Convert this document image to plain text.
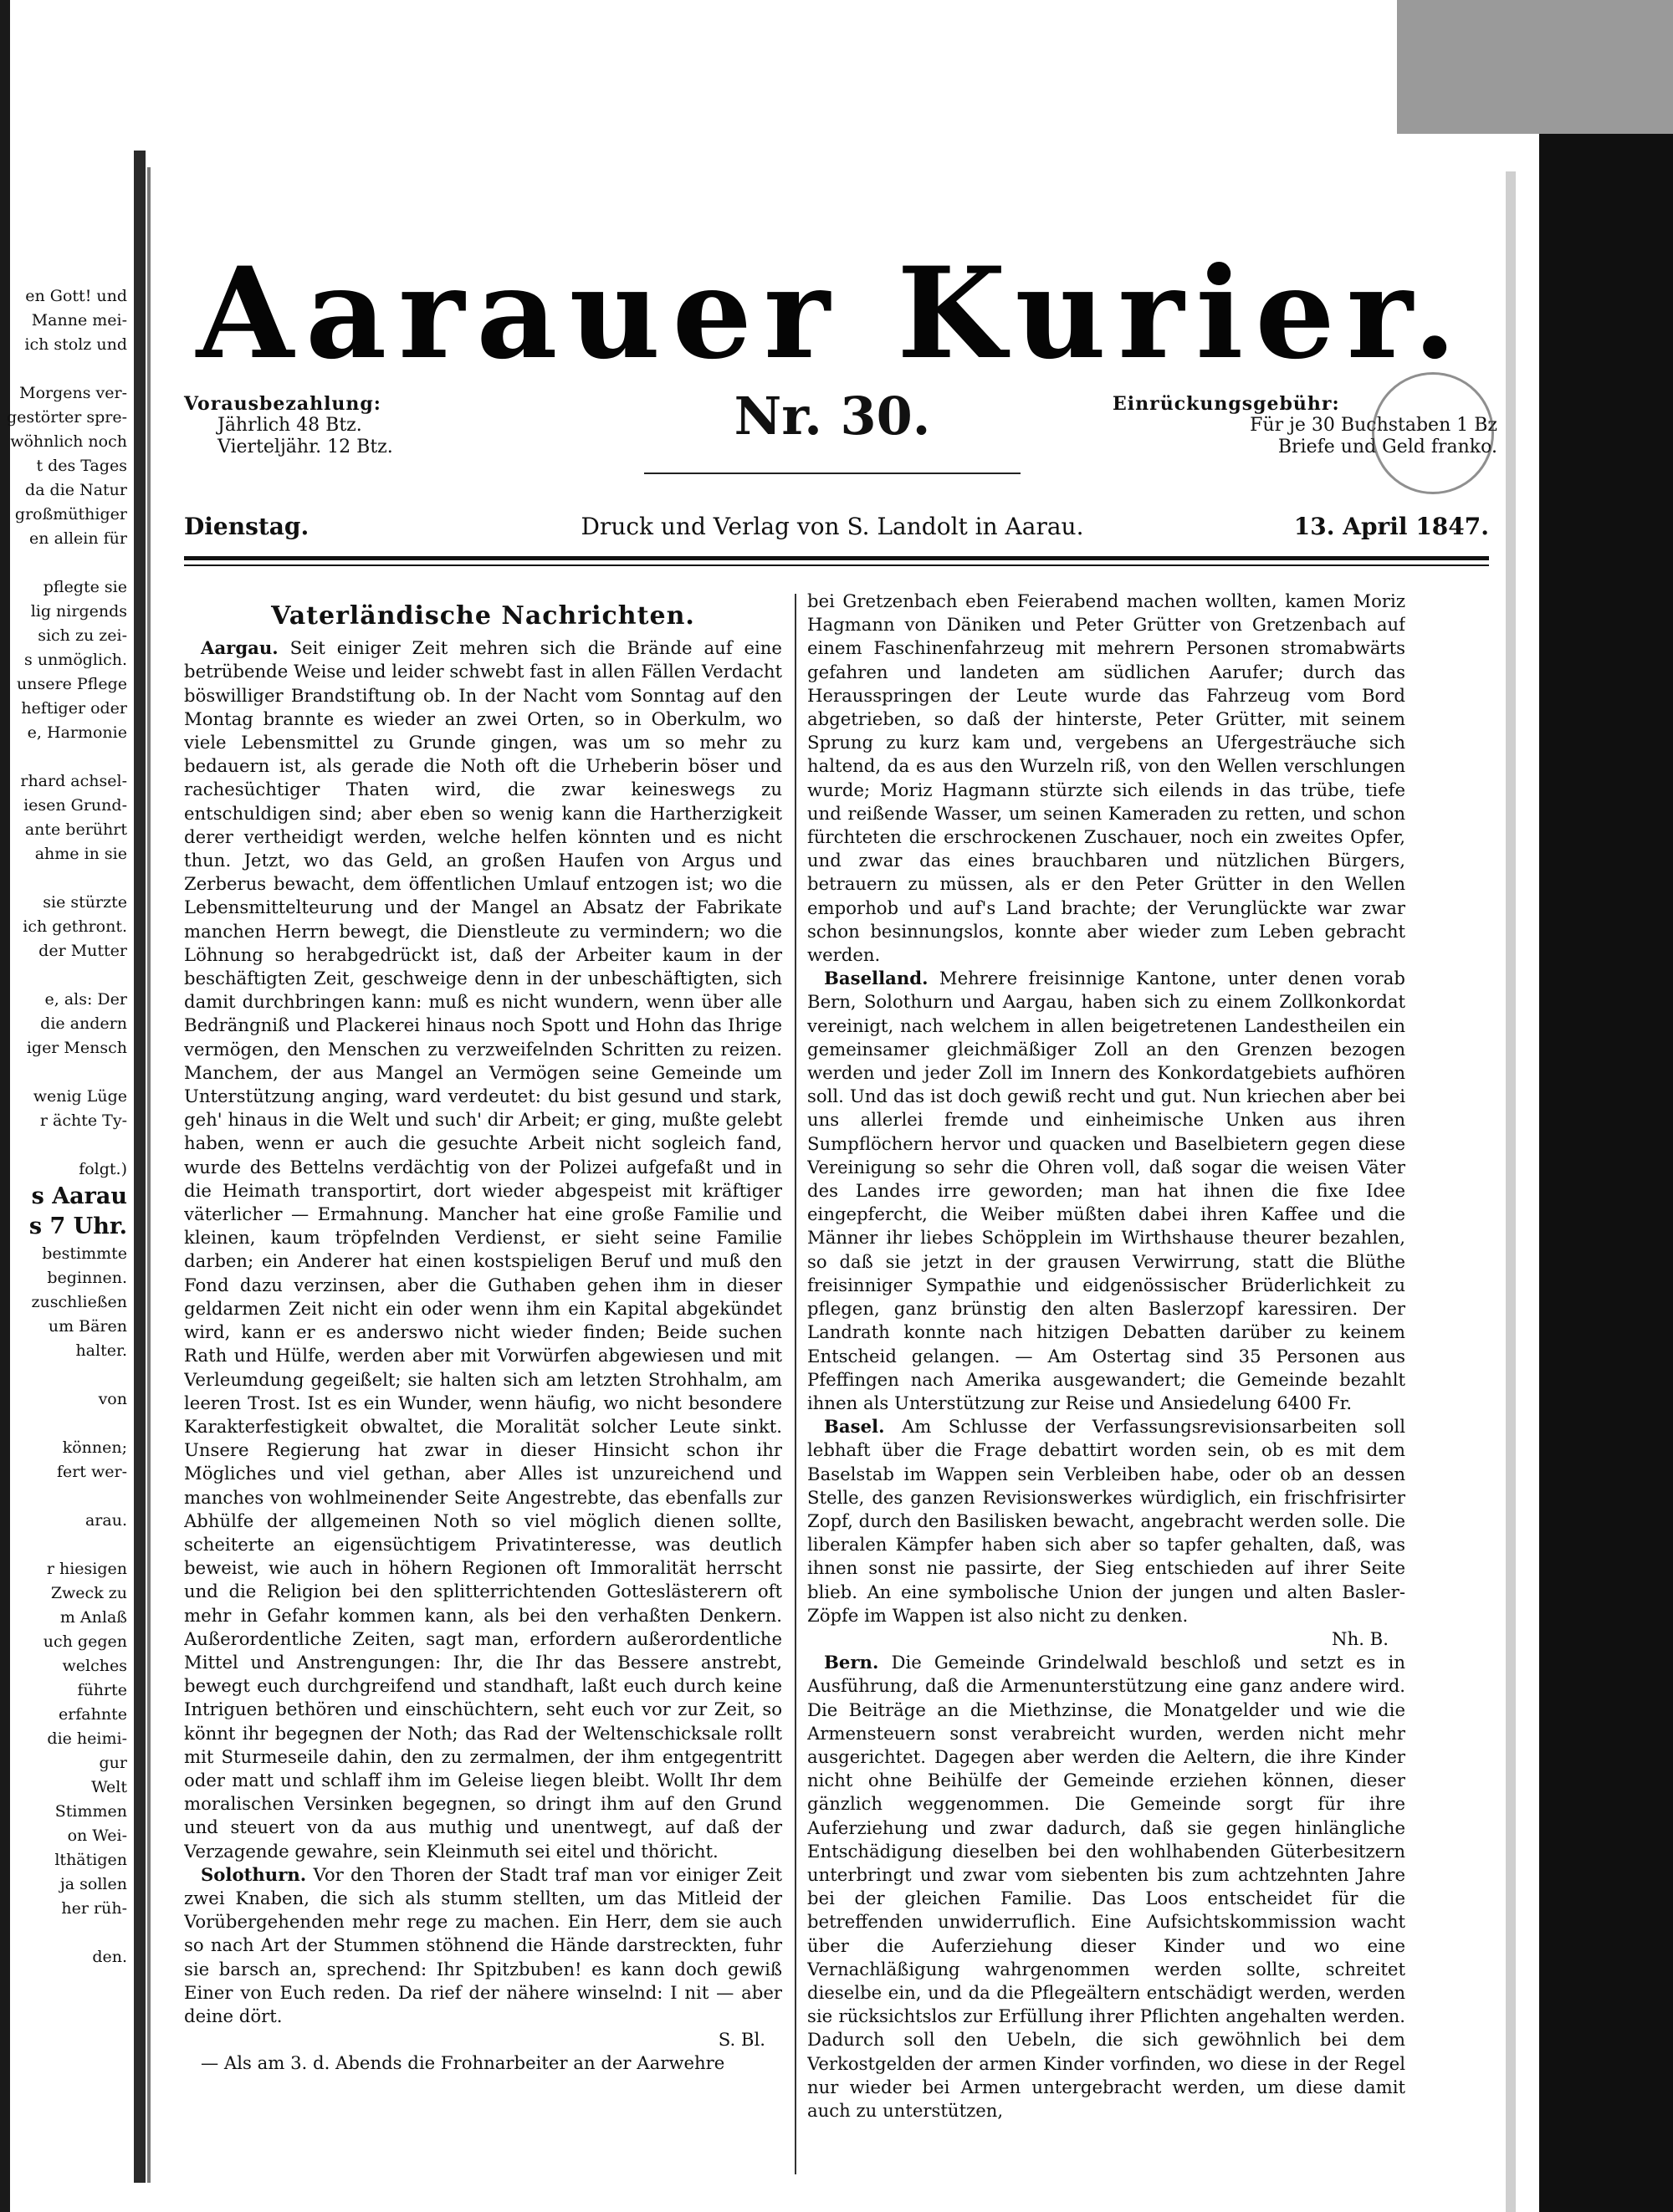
en Gott! und
Manne mei-
ich stolz und

Morgens ver-
gestörter spre-
wöhnlich noch
t des Tages
da die Natur
großmüthiger
en allein für

pflegte sie
lig nirgends
sich zu zei-
s unmöglich.
unsere Pflege
heftiger oder
e, Harmonie

rhard achsel-
iesen Grund-
ante berührt
ahme in sie

sie stürzte
ich gethront.
der Mutter

e, als: Der
die andern
iger Mensch

wenig Lüge
r ächte Ty-

folgt.)
s Aarau
s 7 Uhr.
bestimmte
beginnen.
zuschließen
um Bären
halter.

von

können;
fert wer-

arau.

r hiesigen
Zweck zu
m Anlaß
uch gegen
welches
führte
erfahnte
die heimi-
gur
Welt
Stimmen
on Wei-
lthätigen
ja sollen
her rüh-

den.
Aarauer Kurier.
Vorausbezahlung:
Jährlich 48 Btz.
Vierteljähr. 12 Btz.
Nr. 30.	Einrückungsgebühr:
Für je 30 Buchstaben 1 Bz
Briefe und Geld franko.
Dienstag.	Druck und Verlag von S. Landolt in Aarau.	13. April 1847.
Vaterländische Nachrichten.

Aargau. Seit einiger Zeit mehren sich die Brände auf eine betrübende Weise und leider schwebt fast in allen Fällen Verdacht böswilliger Brandstiftung ob. In der Nacht vom Sonntag auf den Montag brannte es wieder an zwei Orten, so in Oberkulm, wo viele Lebensmittel zu Grunde gingen, was um so mehr zu bedauern ist, als gerade die Noth oft die Urheberin böser und rachesüchtiger Thaten wird, die zwar keineswegs zu entschuldigen sind; aber eben so wenig kann die Hartherzigkeit derer vertheidigt werden, welche helfen könnten und es nicht thun. Jetzt, wo das Geld, an großen Haufen von Argus und Zerberus bewacht, dem öffentlichen Umlauf entzogen ist; wo die Lebensmittelteurung und der Mangel an Absatz der Fabrikate manchen Herrn bewegt, die Dienstleute zu vermindern; wo die Löhnung so herabgedrückt ist, daß der Arbeiter kaum in der beschäftigten Zeit, geschweige denn in der unbeschäftigten, sich damit durchbringen kann: muß es nicht wundern, wenn über alle Bedrängniß und Plackerei hinaus noch Spott und Hohn das Ihrige vermögen, den Menschen zu verzweifelnden Schritten zu reizen. Manchem, der aus Mangel an Vermögen seine Gemeinde um Unterstützung anging, ward verdeutet: du bist gesund und stark, geh' hinaus in die Welt und such' dir Arbeit; er ging, mußte gelebt haben, wenn er auch die gesuchte Arbeit nicht sogleich fand, wurde des Bettelns verdächtig von der Polizei aufgefaßt und in die Heimath transportirt, dort wieder abgespeist mit kräftiger väterlicher — Ermahnung. Mancher hat eine große Familie und kleinen, kaum tröpfelnden Verdienst, er sieht seine Familie darben; ein Anderer hat einen kostspieligen Beruf und muß den Fond dazu verzinsen, aber die Guthaben gehen ihm in dieser geldarmen Zeit nicht ein oder wenn ihm ein Kapital abgekündet wird, kann er es anderswo nicht wieder finden; Beide suchen Rath und Hülfe, werden aber mit Vorwürfen abgewiesen und mit Verleumdung gegeißelt; sie halten sich am letzten Strohhalm, am leeren Trost. Ist es ein Wunder, wenn häufig, wo nicht besondere Karakterfestigkeit obwaltet, die Moralität solcher Leute sinkt. Unsere Regierung hat zwar in dieser Hinsicht schon ihr Mögliches und viel gethan, aber Alles ist unzureichend und manches von wohlmeinender Seite Angestrebte, das ebenfalls zur Abhülfe der allgemeinen Noth so viel möglich dienen sollte, scheiterte an eigensüchtigem Privatinteresse, was deutlich beweist, wie auch in höhern Regionen oft Immoralität herrscht und die Religion bei den splitterrichtenden Gotteslästerern oft mehr in Gefahr kommen kann, als bei den verhaßten Denkern. Außerordentliche Zeiten, sagt man, erfordern außerordentliche Mittel und Anstrengungen: Ihr, die Ihr das Bessere anstrebt, bewegt euch durchgreifend und standhaft, laßt euch durch keine Intriguen bethören und einschüchtern, seht euch vor zur Zeit, so könnt ihr begegnen der Noth; das Rad der Weltenschicksale rollt mit Sturmeseile dahin, den zu zermalmen, der ihm entgegentritt oder matt und schlaff ihm im Geleise liegen bleibt. Wollt Ihr dem moralischen Versinken begegnen, so dringt ihm auf den Grund und steuert von da aus muthig und unentwegt, auf daß der Verzagende gewahre, sein Kleinmuth sei eitel und thöricht.

Solothurn. Vor den Thoren der Stadt traf man vor einiger Zeit zwei Knaben, die sich als stumm stellten, um das Mitleid der Vorübergehenden mehr rege zu machen. Ein Herr, dem sie auch so nach Art der Stummen stöhnend die Hände darstreckten, fuhr sie barsch an, sprechend: Ihr Spitzbuben! es kann doch gewiß Einer von Euch reden. Da rief der nähere winselnd: I nit — aber deine dört.

S. Bl.

— Als am 3. d. Abends die Frohnarbeiter an der Aarwehre

bei Gretzenbach eben Feierabend machen wollten, kamen Moriz Hagmann von Däniken und Peter Grütter von Gretzenbach auf einem Faschinenfahrzeug mit mehrern Personen stromabwärts gefahren und landeten am südlichen Aarufer; durch das Herausspringen der Leute wurde das Fahrzeug vom Bord abgetrieben, so daß der hinterste, Peter Grütter, mit seinem Sprung zu kurz kam und, vergebens an Ufergesträuche sich haltend, da es aus den Wurzeln riß, von den Wellen verschlungen wurde; Moriz Hagmann stürzte sich eilends in das trübe, tiefe und reißende Wasser, um seinen Kameraden zu retten, und schon fürchteten die erschrockenen Zuschauer, noch ein zweites Opfer, und zwar das eines brauchbaren und nützlichen Bürgers, betrauern zu müssen, als er den Peter Grütter in den Wellen emporhob und auf's Land brachte; der Verunglückte war zwar schon besinnungslos, konnte aber wieder zum Leben gebracht werden.

Baselland. Mehrere freisinnige Kantone, unter denen vorab Bern, Solothurn und Aargau, haben sich zu einem Zollkonkordat vereinigt, nach welchem in allen beigetretenen Landestheilen ein gemeinsamer gleichmäßiger Zoll an den Grenzen bezogen werden und jeder Zoll im Innern des Konkordatgebiets aufhören soll. Und das ist doch gewiß recht und gut. Nun kriechen aber bei uns allerlei fremde und einheimische Unken aus ihren Sumpflöchern hervor und quacken und Baselbietern gegen diese Vereinigung so sehr die Ohren voll, daß sogar die weisen Väter des Landes irre geworden; man hat ihnen die fixe Idee eingepfercht, die Weiber müßten dabei ihren Kaffee und die Männer ihr liebes Schöpplein im Wirthshause theurer bezahlen, so daß sie jetzt in der grausen Verwirrung, statt die Blüthe freisinniger Sympathie und eidgenössischer Brüderlichkeit zu pflegen, ganz brünstig den alten Baslerzopf karessiren. Der Landrath konnte nach hitzigen Debatten darüber zu keinem Entscheid gelangen. — Am Ostertag sind 35 Personen aus Pfeffingen nach Amerika ausgewandert; die Gemeinde bezahlt ihnen als Unterstützung zur Reise und Ansiedelung 6400 Fr.

Basel. Am Schlusse der Verfassungsrevisionsarbeiten soll lebhaft über die Frage debattirt worden sein, ob es mit dem Baselstab im Wappen sein Verbleiben habe, oder ob an dessen Stelle, des ganzen Revisionswerkes würdiglich, ein frischfrisirter Zopf, durch den Basilisken bewacht, angebracht werden solle. Die liberalen Kämpfer haben sich aber so tapfer gehalten, daß, was ihnen sonst nie passirte, der Sieg entschieden auf ihrer Seite blieb. An eine symbolische Union der jungen und alten Basler-Zöpfe im Wappen ist also nicht zu denken.

Nh. B.

Bern. Die Gemeinde Grindelwald beschloß und setzt es in Ausführung, daß die Armenunterstützung eine ganz andere wird. Die Beiträge an die Miethzinse, die Monatgelder und wie die Armensteuern sonst verabreicht wurden, werden nicht mehr ausgerichtet. Dagegen aber werden die Aeltern, die ihre Kinder nicht ohne Beihülfe der Gemeinde erziehen können, dieser gänzlich weggenommen. Die Gemeinde sorgt für ihre Auferziehung und zwar dadurch, daß sie gegen hinlängliche Entschädigung dieselben bei den wohlhabenden Güterbesitzern unterbringt und zwar vom siebenten bis zum achtzehnten Jahre bei der gleichen Familie. Das Loos entscheidet für die betreffenden unwiderruflich. Eine Aufsichtskommission wacht über die Auferziehung dieser Kinder und wo eine Vernachläßigung wahrgenommen werden sollte, schreitet dieselbe ein, und da die Pflegeältern entschädigt werden, werden sie rücksichtslos zur Erfüllung ihrer Pflichten angehalten werden. Dadurch soll den Uebeln, die sich gewöhnlich bei dem Verkostgelden der armen Kinder vorfinden, wo diese in der Regel nur wieder bei Armen untergebracht werden, um diese damit auch zu unterstützen,
